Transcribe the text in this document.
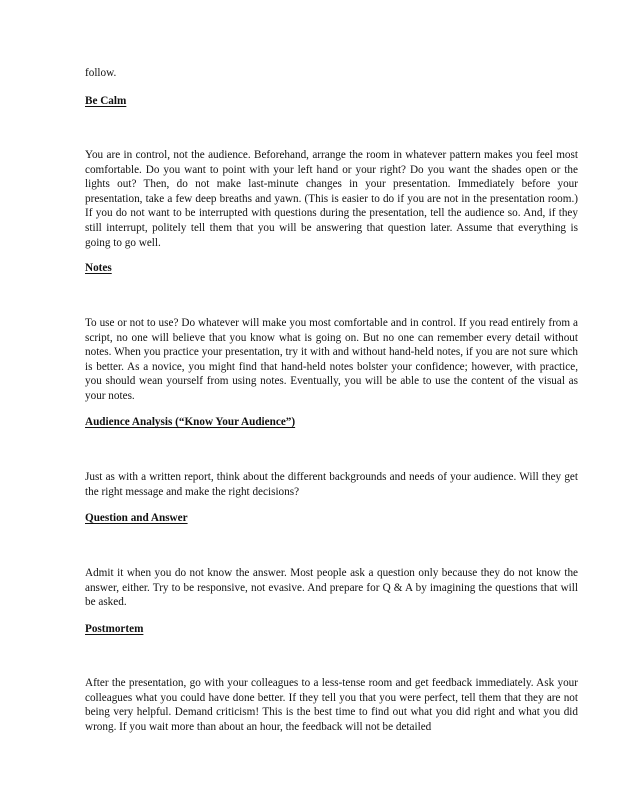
follow.
Be Calm
You are in control, not the audience. Beforehand, arrange the room in whatever pattern makes you feel most comfortable. Do you want to point with your left hand or your right? Do you want the shades open or the lights out? Then, do not make last-minute changes in your presentation. Immediately before your presentation, take a few deep breaths and yawn. (This is easier to do if you are not in the presentation room.) If you do not want to be interrupted with questions during the presentation, tell the audience so. And, if they still interrupt, politely tell them that you will be answering that question later. Assume that everything is going to go well.
Notes
To use or not to use? Do whatever will make you most comfortable and in control. If you read entirely from a script, no one will believe that you know what is going on. But no one can remember every detail without notes. When you practice your presentation, try it with and without hand-held notes, if you are not sure which is better. As a novice, you might find that hand-held notes bolster your confidence; however, with practice, you should wean yourself from using notes. Eventually, you will be able to use the content of the visual as your notes.
Audience Analysis (“Know Your Audience”)
Just as with a written report, think about the different backgrounds and needs of your audience. Will they get the right message and make the right decisions?
Question and Answer
Admit it when you do not know the answer. Most people ask a question only because they do not know the answer, either. Try to be responsive, not evasive. And prepare for Q & A by imagining the questions that will be asked.
Postmortem
After the presentation, go with your colleagues to a less-tense room and get feedback immediately. Ask your colleagues what you could have done better. If they tell you that you were perfect, tell them that they are not being very helpful. Demand criticism! This is the best time to find out what you did right and what you did wrong. If you wait more than about an hour, the feedback will not be detailed
